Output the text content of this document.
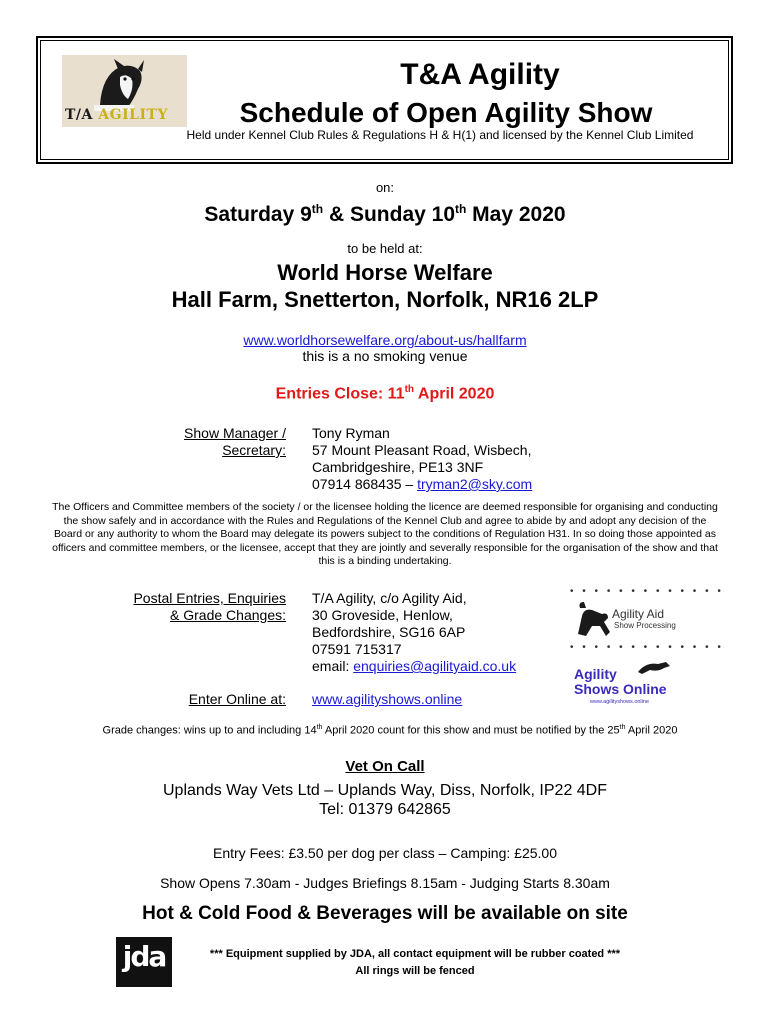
T/A AGILITY
T&A Agility
Schedule of Open Agility Show
Held under Kennel Club Rules & Regulations H & H(1) and licensed by the Kennel Club Limited
on:
Saturday 9th & Sunday 10th May 2020
to be held at:
World Horse Welfare
Hall Farm, Snetterton, Norfolk, NR16 2LP
www.worldhorsewelfare.org/about-us/hallfarm
this is a no smoking venue
Entries Close: 11th April 2020
Show Manager /
Secretary:
Tony Ryman
57 Mount Pleasant Road, Wisbech,
Cambridgeshire, PE13 3NF
07914 868435 – tryman2@sky.com
The Officers and Committee members of the society / or the licensee holding the licence are deemed responsible for organising and conducting the show safely and in accordance with the Rules and Regulations of the Kennel Club and agree to abide by and adopt any decision of the Board or any authority to whom the Board may delegate its powers subject to the conditions of Regulation H31. In so doing those appointed as officers and committee members, or the licensee, accept that they are jointly and severally responsible for the organisation of the show and that this is a binding undertaking.
Postal Entries, Enquiries
& Grade Changes:
T/A Agility, c/o Agility Aid,
30 Groveside, Henlow,
Bedfordshire, SG16 6AP
07591 715317
email: enquiries@agilityaid.co.uk
Enter Online at: www.agilityshows.online
• • • • • • • • • • • • •
Agility Aid
Show Processing
• • • • • • • • • • • • •
Agility
Shows Online
www.agilityshows.online
Grade changes: wins up to and including 14th April 2020 count for this show and must be notified by the 25th April 2020
Vet On Call
Uplands Way Vets Ltd – Uplands Way, Diss, Norfolk, IP22 4DF
Tel: 01379 642865
Entry Fees: £3.50 per dog per class – Camping: £25.00
Show Opens 7.30am - Judges Briefings 8.15am - Judging Starts 8.30am
Hot & Cold Food & Beverages will be available on site
jda	*** Equipment supplied by JDA, all contact equipment will be rubber coated ***
All rings will be fenced
